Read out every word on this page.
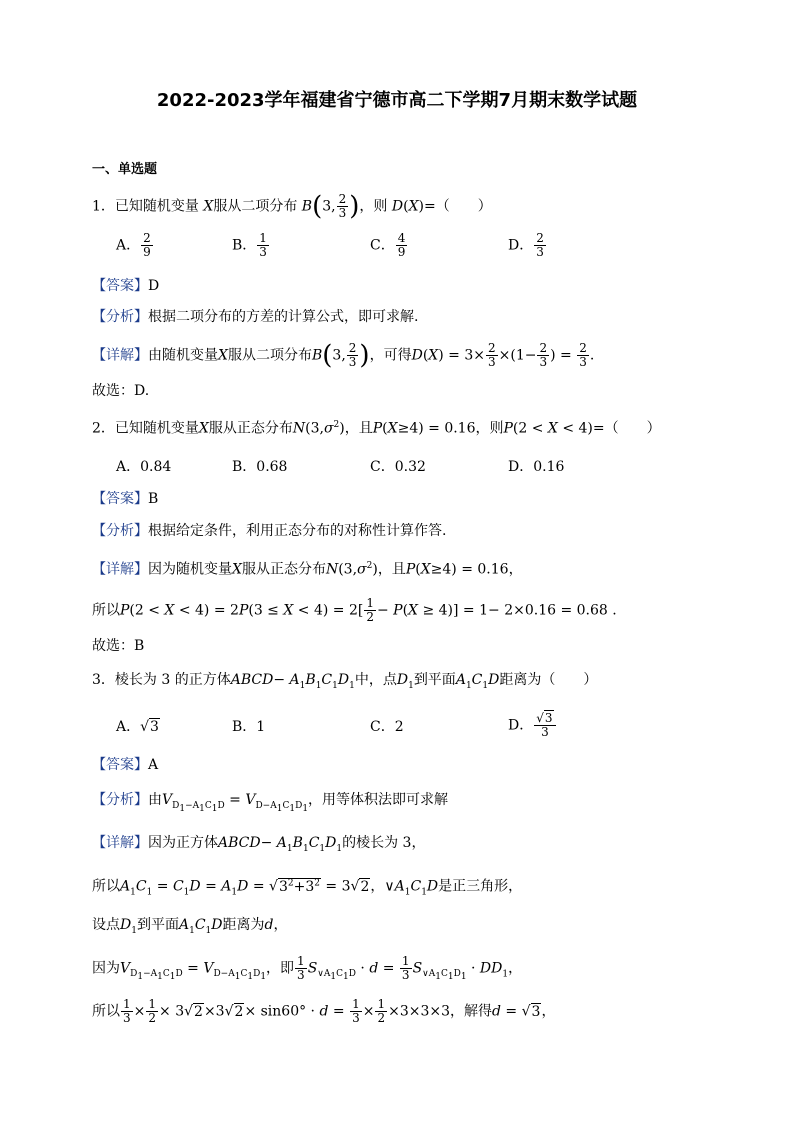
2022-2023学年福建省宁德市高二下学期7月期末数学试题
一、单选题
1．已知随机变量 X服从二项分布 B(3, $\frac{2}{3}$ )，则 D(X)=（　　）
A． $\frac{2}{9}$	B． $\frac{1}{3}$	C． $\frac{4}{9}$	D． $\frac{2}{3}$
【答案】D
【分析】根据二项分布的方差的计算公式，即可求解.
【详解】由随机变量X服从二项分布B(3, $\frac{2}{3}$ )，可得$D(X) = 3\times \frac{2}{3} \times(1- \frac{2}{3}$ ) = $\frac{2}{3}$ .
故选：D.
2．已知随机变量X服从正态分布$N(3,\sigma^2)$，且P(X≥4) = 0.16，则P(2 < X < 4)=（　　）
A．0.84	B．0.68	C．0.32	D．0.16
【答案】B
【分析】根据给定条件，利用正态分布的对称性计算作答.
【详解】因为随机变量X服从正态分布$N(3,\sigma^2)$，且P(X≥4) = 0.16，
所以$P(2 < X < 4) = 2P(3 \le X < 4) = 2[ \frac{1}{2} - P(X \ge 4)] = 1- 2\times 0.16 = 0.68$ .
故选：B
3．棱长为 3 的正方体ABCD− $A_1B_1C_1D_1$中，点$D_1$到平面$A_1C_1D$距离为（　　）
A．√3	B．1	C．2	D． $\frac{√3}{3}$
【答案】A
【分析】由$V_{D_1-A_1C_1D} = V_{D-A_1C_1D_1}$，用等体积法即可求解
【详解】因为正方体ABCD− $A_1B_1C_1D_1$的棱长为 3，
所以$A_1C_1 = C_1D = A_1D = √3^2+3^2 = 3√2$，$\vee A_1C_1D$是正三角形，
设点$D_1$到平面$A_1C_1D$距离为d，
因为$V_{D_1-A_1C_1D} = V_{D-A_1C_1D_1}$，即 $\frac{1}{3} S_{\vee A_1C_1D} \cdot d = \frac{1}{3} S_{\vee A_1C_1D_1} \cdot DD_1$，
所以 $\frac{1}{3} \times \frac{1}{2} \times 3√2\times 3√2\times \sin 60^\circ \cdot d = \frac{1}{3} \times \frac{1}{2} \times 3\times 3\times 3$，解得d = √3，
